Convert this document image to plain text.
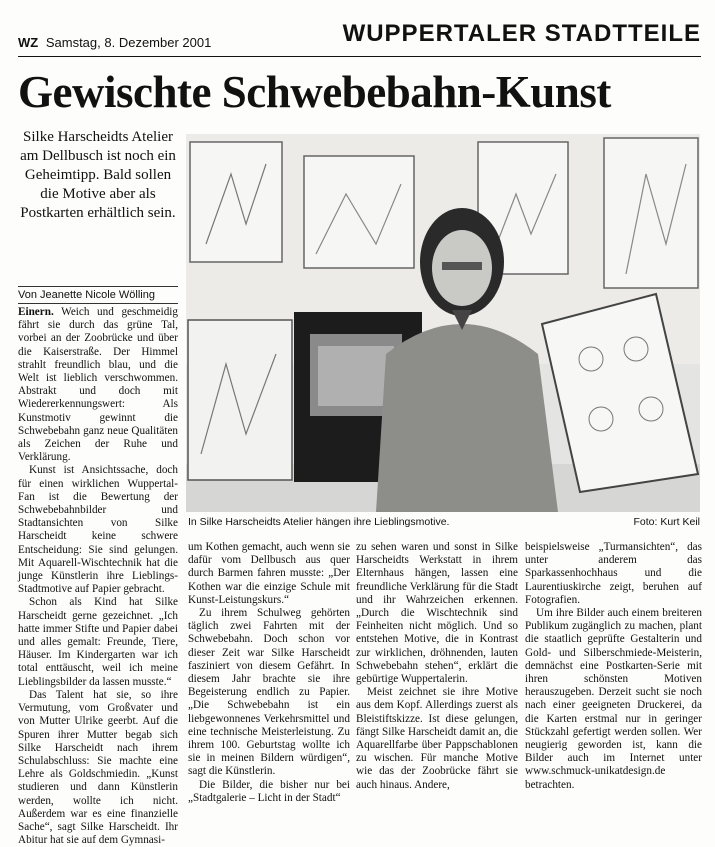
WZ Samstag, 8. Dezember 2001	WUPPERTALER STADTTEILE
Gewischte Schwebebahn-Kunst
Silke Harscheidts Atelier am Dellbusch ist noch ein Geheimtipp. Bald sollen die Motive aber als Postkarten erhältlich sein.
Von Jeanette Nicole Wölling
In Silke Harscheidts Atelier hängen ihre Lieblingsmotive.	Foto: Kurt Keil

Einern. Weich und geschmeidig fährt sie durch das grüne Tal, vorbei an der Zoobrücke und über die Kaiserstraße. Der Himmel strahlt freundlich blau, und die Welt ist lieblich verschwommen. Abstrakt und doch mit Wiedererkennungswert: Als Kunstmotiv gewinnt die Schwebebahn ganz neue Qualitäten als Zeichen der Ruhe und Verklärung.

Kunst ist Ansichtssache, doch für einen wirklichen Wuppertal-Fan ist die Bewertung der Schwebebahnbilder und Stadtansichten von Silke Harscheidt keine schwere Entscheidung: Sie sind gelungen. Mit Aquarell-Wischtechnik hat die junge Künstlerin ihre Lieblings-Stadtmotive auf Papier gebracht.

Schon als Kind hat Silke Harscheidt gerne gezeichnet. „Ich hatte immer Stifte und Papier dabei und alles gemalt: Freunde, Tiere, Häuser. Im Kindergarten war ich total enttäuscht, weil ich meine Lieblingsbilder da lassen musste.“

Das Talent hat sie, so ihre Vermutung, vom Großvater und von Mutter Ulrike geerbt. Auf die Spuren ihrer Mutter begab sich Silke Harscheidt nach ihrem Schulabschluss: Sie machte eine Lehre als Goldschmiedin. „Kunst studieren und dann Künstlerin werden, wollte ich nicht. Außerdem war es eine finanzielle Sache“, sagt Silke Harscheidt. Ihr Abitur hat sie auf dem Gymnasi-

um Kothen gemacht, auch wenn sie dafür vom Dellbusch aus quer durch Barmen fahren musste: „Der Kothen war die einzige Schule mit Kunst-Leistungskurs.“

Zu ihrem Schulweg gehörten täglich zwei Fahrten mit der Schwebebahn. Doch schon vor dieser Zeit war Silke Harscheidt fasziniert von diesem Gefährt. In diesem Jahr brachte sie ihre Begeisterung endlich zu Papier. „Die Schwebebahn ist ein liebgewonnenes Verkehrsmittel und eine technische Meisterleistung. Zu ihrem 100. Geburtstag wollte ich sie in meinen Bildern würdigen“, sagt die Künstlerin.

Die Bilder, die bisher nur bei „Stadtgalerie – Licht in der Stadt“

zu sehen waren und sonst in Silke Harscheidts Werkstatt in ihrem Elternhaus hängen, lassen eine freundliche Verklärung für die Stadt und ihr Wahrzeichen erkennen. „Durch die Wischtechnik sind Feinheiten nicht möglich. Und so entstehen Motive, die in Kontrast zur wirklichen, dröhnenden, lauten Schwebebahn stehen“, erklärt die gebürtige Wuppertalerin.

Meist zeichnet sie ihre Motive aus dem Kopf. Allerdings zuerst als Bleistiftskizze. Ist diese gelungen, fängt Silke Harscheidt damit an, die Aquarellfarbe über Pappschablonen zu wischen. Für manche Motive wie das der Zoobrücke fährt sie auch hinaus. Andere,

beispielsweise „Turmansichten“, das unter anderem das Sparkassenhochhaus und die Laurentiuskirche zeigt, beruhen auf Fotografien.

Um ihre Bilder auch einem breiteren Publikum zugänglich zu machen, plant die staatlich geprüfte Gestalterin und Gold- und Silberschmiede-Meisterin, demnächst eine Postkarten-Serie mit ihren schönsten Motiven herauszugeben. Derzeit sucht sie noch nach einer geeigneten Druckerei, da die Karten erstmal nur in geringer Stückzahl gefertigt werden sollen. Wer neugierig geworden ist, kann die Bilder auch im Internet unter www.schmuck-unikatdesign.de betrachten.
